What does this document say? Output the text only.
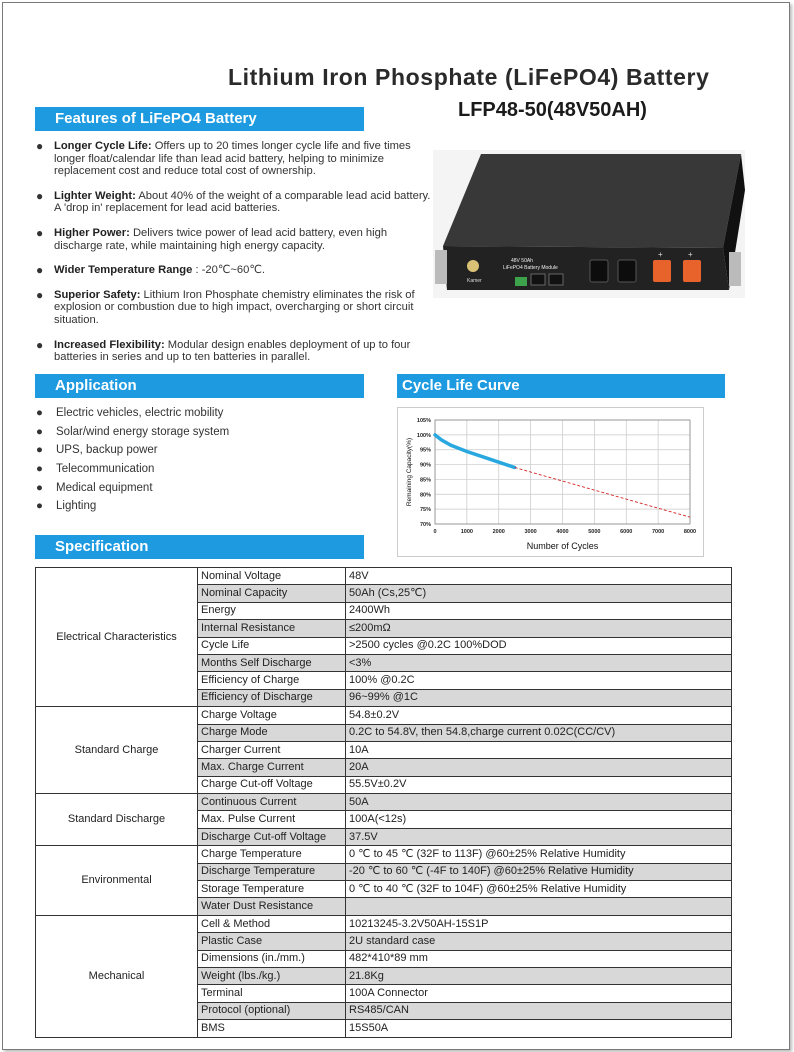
Lithium Iron Phosphate (LiFePO4) Battery
LFP48-50(48V50AH)
Features of LiFePO4 Battery
● Longer Cycle Life: Offers up to 20 times longer cycle life and five times longer float/calendar life than lead acid battery, helping to minimize replacement cost and reduce total cost of ownership.
● Lighter Weight: About 40% of the weight of a comparable lead acid battery. A 'drop in' replacement for lead acid batteries.
● Higher Power: Delivers twice power of lead acid battery, even high discharge rate, while maintaining high energy capacity.
● Wider Temperature Range : -20℃~60℃.
● Superior Safety: Lithium Iron Phosphate chemistry eliminates the risk of explosion or combustion due to high impact, overcharging or short circuit situation.
● Increased Flexibility: Modular design enables deployment of up to four batteries in series and up to ten batteries in parallel.
Application
● Electric vehicles, electric mobility
● Solar/wind energy storage system
● UPS, backup power
● Telecommunication
● Medical equipment
● Lighting
Kamer
48V 50Ah
LiFePO4 Battery Module
+	+
Cycle Life Curve
0	1000	2000	3000	4000	5000	6000	7000	8000
105%
100%
95%
90%
85%
80%
75%
70%
Number of Cycles
Remaining Capacity(%)
Specification
Electrical Characteristics	Nominal Voltage	48V
	Nominal Capacity	50Ah (Cs,25℃)
	Energy	2400Wh
	Internal Resistance	≤200mΩ
	Cycle Life	>2500 cycles @0.2C 100%DOD
	Months Self Discharge	<3%
	Efficiency of Charge	100% @0.2C
	Efficiency of Discharge	96~99% @1C
Standard Charge	Charge Voltage	54.8±0.2V
	Charge Mode	0.2C to 54.8V, then 54.8,charge current 0.02C(CC/CV)
	Charger Current	10A
	Max. Charge Current	20A
	Charge Cut-off Voltage	55.5V±0.2V
Standard Discharge	Continuous Current	50A
	Max. Pulse Current	100A(<12s)
	Discharge Cut-off Voltage	37.5V
Environmental	Charge Temperature	0 ℃ to 45 ℃ (32F to 113F) @60±25% Relative Humidity
	Discharge Temperature	-20 ℃ to 60 ℃ (-4F to 140F) @60±25% Relative Humidity
	Storage Temperature	0 ℃ to 40 ℃ (32F to 104F) @60±25% Relative Humidity
	Water Dust Resistance	
Mechanical	Cell & Method	10213245-3.2V50AH-15S1P
	Plastic Case	2U standard case
	Dimensions (in./mm.)	482*410*89 mm
	Weight (lbs./kg.)	21.8Kg
	Terminal	100A Connector
	Protocol (optional)	RS485/CAN
	BMS	15S50A
